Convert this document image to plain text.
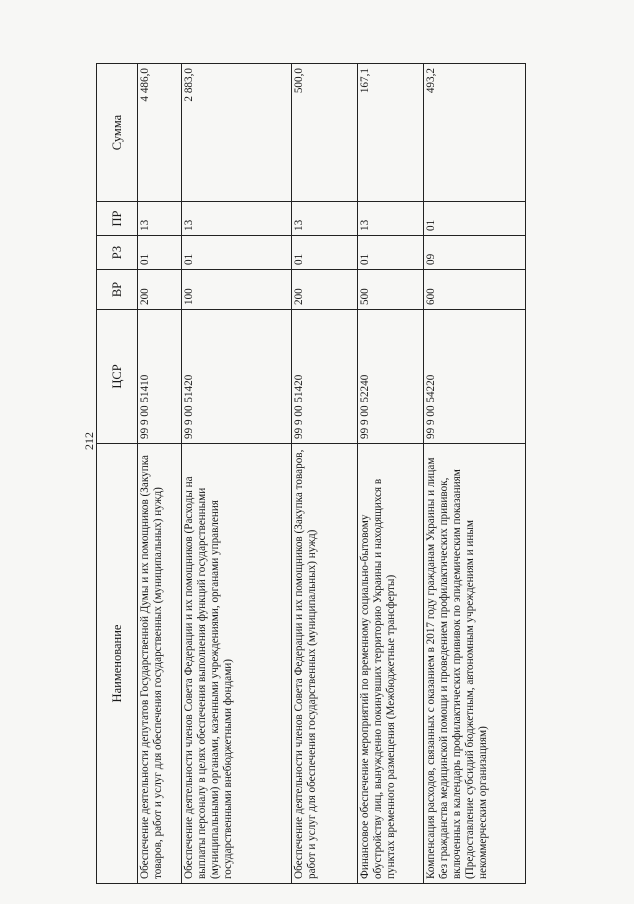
212
Наименование	ЦСР	ВР	РЗ	ПР	Сумма
Обеспечение деятельности депутатов Государственной Думы и их помощников (Закупка товаров, работ и услуг для обеспечения государственных (муниципальных) нужд)	99 9 00 51410	200	01	13	4 486,0
Обеспечение деятельности членов Совета Федерации и их помощников (Расходы на выплаты персоналу в целях обеспечения выполнения функций государственными (муниципальными) органами, казенными учреждениями, органами управления государственными внебюджетными фондами)	99 9 00 51420	100	01	13	2 883,0
Обеспечение деятельности членов Совета Федерации и их помощников (Закупка товаров, работ и услуг для обеспечения государственных (муниципальных) нужд)	99 9 00 51420	200	01	13	500,0
Финансовое обеспечение мероприятий по временному социально-бытовому обустройству лиц, вынужденно покинувших территорию Украины и находящихся в пунктах временного размещения (Межбюджетные трансферты)	99 9 00 52240	500	01	13	167,1
Компенсация расходов, связанных с оказанием в 2017 году гражданам Украины и лицам без гражданства медицинской помощи и проведением профилактических прививок, включенных в календарь профилактических прививок по эпидемическим показаниям (Предоставление субсидий бюджетным, автономным учреждениям и иным некоммерческим организациям)	99 9 00 54220	600	09	01	493,2
